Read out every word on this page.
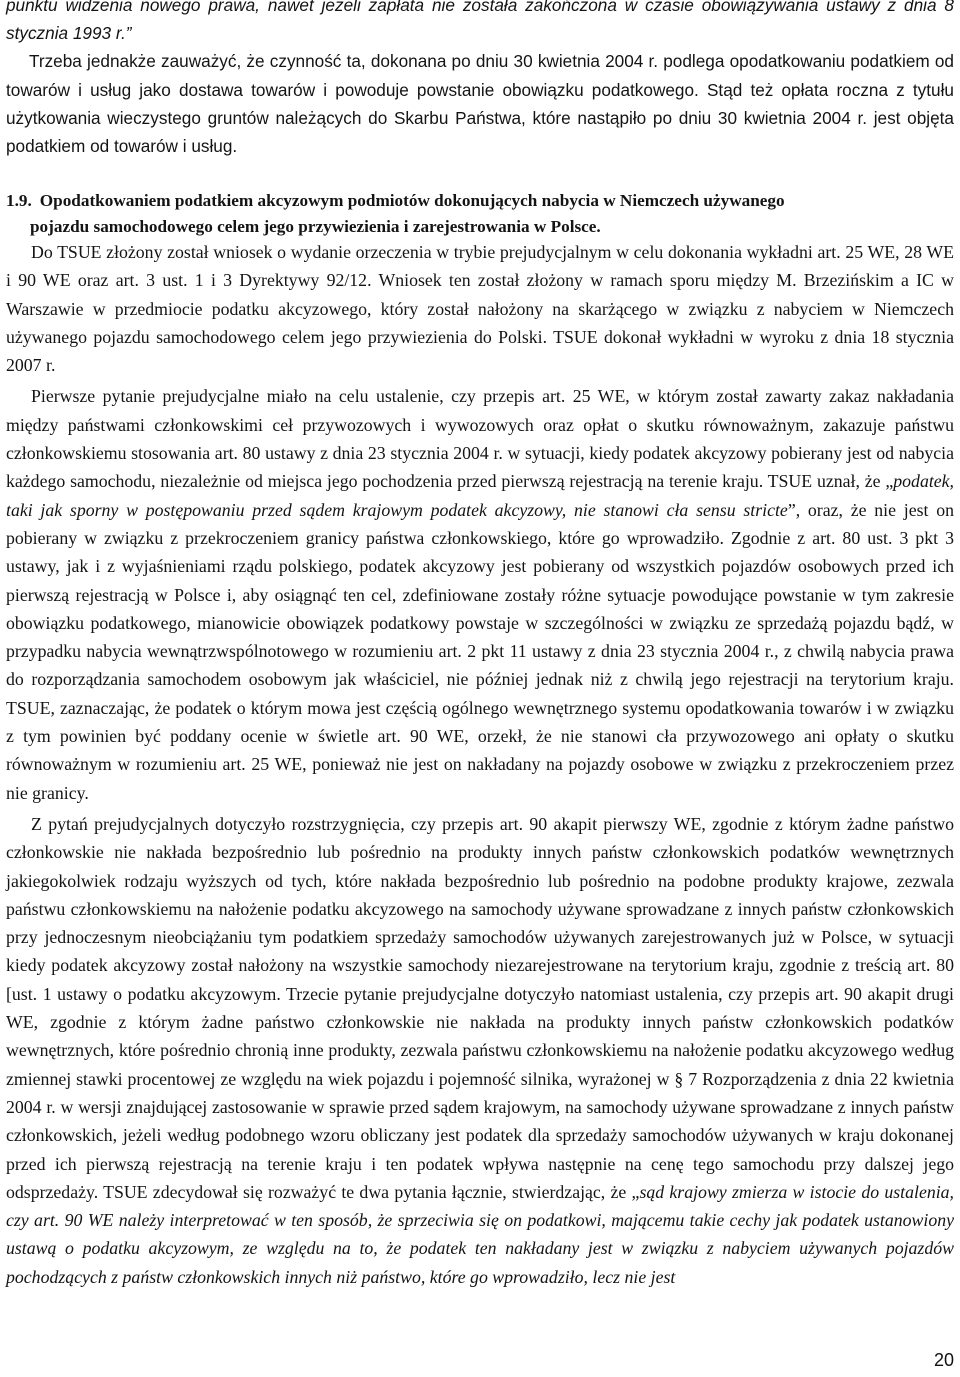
punktu widzenia nowego prawa, nawet jeżeli zapłata nie została zakończona w czasie obowiązywania ustawy z dnia 8 stycznia 1993 r.”

Trzeba jednakże zauważyć, że czynność ta, dokonana po dniu 30 kwietnia 2004 r. podlega opodatkowaniu podatkiem od towarów i usług jako dostawa towarów i powoduje powstanie obowiązku podatkowego. Stąd też opłata roczna z tytułu użytkowania wieczystego gruntów należących do Skarbu Państwa, które nastąpiło po dniu 30 kwietnia 2004 r. jest objęta podatkiem od towarów i usług.

1.9. Opodatkowaniem podatkiem akcyzowym podmiotów dokonujących nabycia w Niemczech używanego

pojazdu samochodowego celem jego przywiezienia i zarejestrowania w Polsce.

Do TSUE złożony został wniosek o wydanie orzeczenia w trybie prejudycjalnym w celu dokonania wykładni art. 25 WE, 28 WE i 90 WE oraz art. 3 ust. 1 i 3 Dyrektywy 92/12. Wniosek ten został złożony w ramach sporu między M. Brzezińskim a IC w Warszawie w przedmiocie podatku akcyzowego, który został nałożony na skarżącego w związku z nabyciem w Niemczech używanego pojazdu samochodowego celem jego przywiezienia do Polski. TSUE dokonał wykładni w wyroku z dnia 18 stycznia 2007 r.

Pierwsze pytanie prejudycjalne miało na celu ustalenie, czy przepis art. 25 WE, w którym został zawarty zakaz nakładania między państwami członkowskimi ceł przywozowych i wywozowych oraz opłat o skutku równoważnym, zakazuje państwu członkowskiemu stosowania art. 80 ustawy z dnia 23 stycznia 2004 r. w sytuacji, kiedy podatek akcyzowy pobierany jest od nabycia każdego samochodu, niezależnie od miejsca jego pochodzenia przed pierwszą rejestracją na terenie kraju. TSUE uznał, że „podatek, taki jak sporny w postępowaniu przed sądem krajowym podatek akcyzowy, nie stanowi cła sensu stricte”, oraz, że nie jest on pobierany w związku z przekroczeniem granicy państwa członkowskiego, które go wprowadziło. Zgodnie z art. 80 ust. 3 pkt 3 ustawy, jak i z wyjaśnieniami rządu polskiego, podatek akcyzowy jest pobierany od wszystkich pojazdów osobowych przed ich pierwszą rejestracją w Polsce i, aby osiągnąć ten cel, zdefiniowane zostały różne sytuacje powodujące powstanie w tym zakresie obowiązku podatkowego, mianowicie obowiązek podatkowy powstaje w szczególności w związku ze sprzedażą pojazdu bądź, w przypadku nabycia wewnątrzwspólnotowego w rozumieniu art. 2 pkt 11 ustawy z dnia 23 stycznia 2004 r., z chwilą nabycia prawa do rozporządzania samochodem osobowym jak właściciel, nie później jednak niż z chwilą jego rejestracji na terytorium kraju. TSUE, zaznaczając, że podatek o którym mowa jest częścią ogólnego wewnętrznego systemu opodatkowania towarów i w związku z tym powinien być poddany ocenie w świetle art. 90 WE, orzekł, że nie stanowi cła przywozowego ani opłaty o skutku równoważnym w rozumieniu art. 25 WE, ponieważ nie jest on nakładany na pojazdy osobowe w związku z przekroczeniem przez nie granicy.

Z pytań prejudycjalnych dotyczyło rozstrzygnięcia, czy przepis art. 90 akapit pierwszy WE, zgodnie z którym żadne państwo członkowskie nie nakłada bezpośrednio lub pośrednio na produkty innych państw członkowskich podatków wewnętrznych jakiegokolwiek rodzaju wyższych od tych, które nakłada bezpośrednio lub pośrednio na podobne produkty krajowe, zezwala państwu członkowskiemu na nałożenie podatku akcyzowego na samochody używane sprowadzane z innych państw członkowskich przy jednoczesnym nieobciążaniu tym podatkiem sprzedaży samochodów używanych zarejestrowanych już w Polsce, w sytuacji kiedy podatek akcyzowy został nałożony na wszystkie samochody niezarejestrowane na terytorium kraju, zgodnie z treścią art. 80 [ust. 1 ustawy o podatku akcyzowym. Trzecie pytanie prejudycjalne dotyczyło natomiast ustalenia, czy przepis art. 90 akapit drugi WE, zgodnie z którym żadne państwo członkowskie nie nakłada na produkty innych państw członkowskich podatków wewnętrznych, które pośrednio chronią inne produkty, zezwala państwu członkowskiemu na nałożenie podatku akcyzowego według zmiennej stawki procentowej ze względu na wiek pojazdu i pojemność silnika, wyrażonej w § 7 Rozporządzenia z dnia 22 kwietnia 2004 r. w wersji znajdującej zastosowanie w sprawie przed sądem krajowym, na samochody używane sprowadzane z innych państw członkowskich, jeżeli według podobnego wzoru obliczany jest podatek dla sprzedaży samochodów używanych w kraju dokonanej przed ich pierwszą rejestracją na terenie kraju i ten podatek wpływa następnie na cenę tego samochodu przy dalszej jego odsprzedaży. TSUE zdecydował się rozważyć te dwa pytania łącznie, stwierdzając, że „sąd krajowy zmierza w istocie do ustalenia, czy art. 90 WE należy interpretować w ten sposób, że sprzeciwia się on podatkowi, mającemu takie cechy jak podatek ustanowiony ustawą o podatku akcyzowym, ze względu na to, że podatek ten nakładany jest w związku z nabyciem używanych pojazdów pochodzących z państw członkowskich innych niż państwo, które go wprowadziło, lecz nie jest

20
